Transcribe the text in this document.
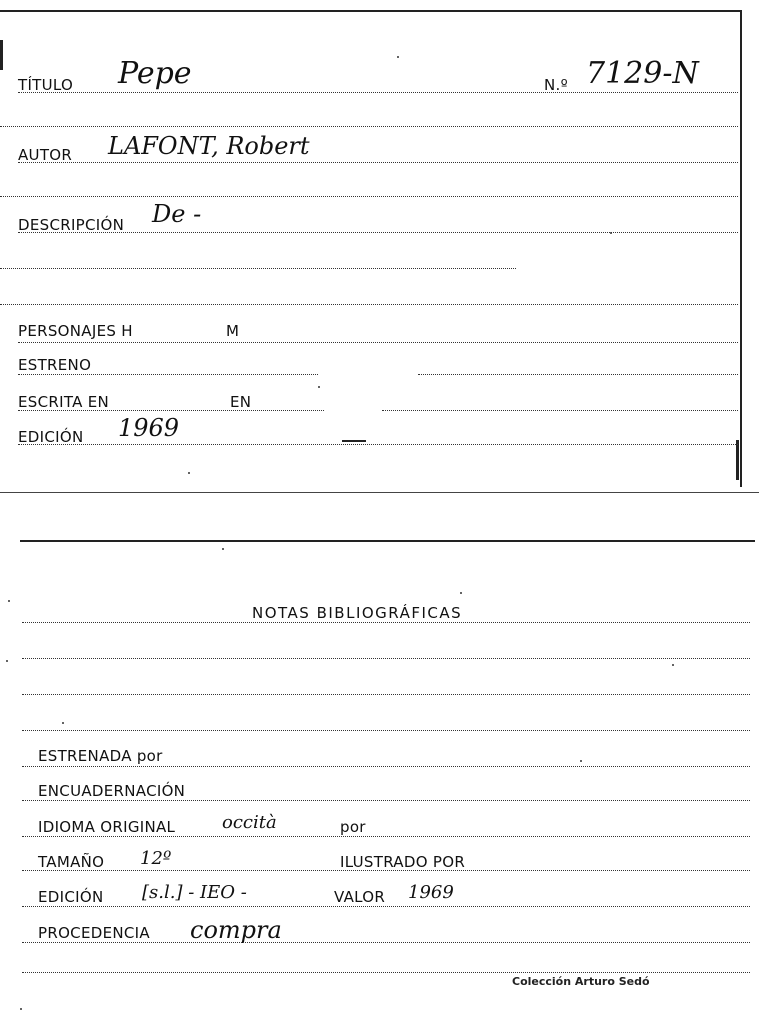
TÍTULO Pepe	N.º 7129-N
AUTOR LAFONT, Robert
DESCRIPCIÓN De -
PERSONAJES H	M
ESTRENO
ESCRITA EN	EN
EDICIÓN 1969
NOTAS BIBLIOGRÁFICAS
ESTRENADA por
ENCUADERNACIÓN
IDIOMA ORIGINAL	occità	por
TAMAÑO 12º	ILUSTRADO POR
EDICIÓN [s.l.] - IEO -	VALOR 1969
PROCEDENCIA compra
Colección Arturo Sedó
